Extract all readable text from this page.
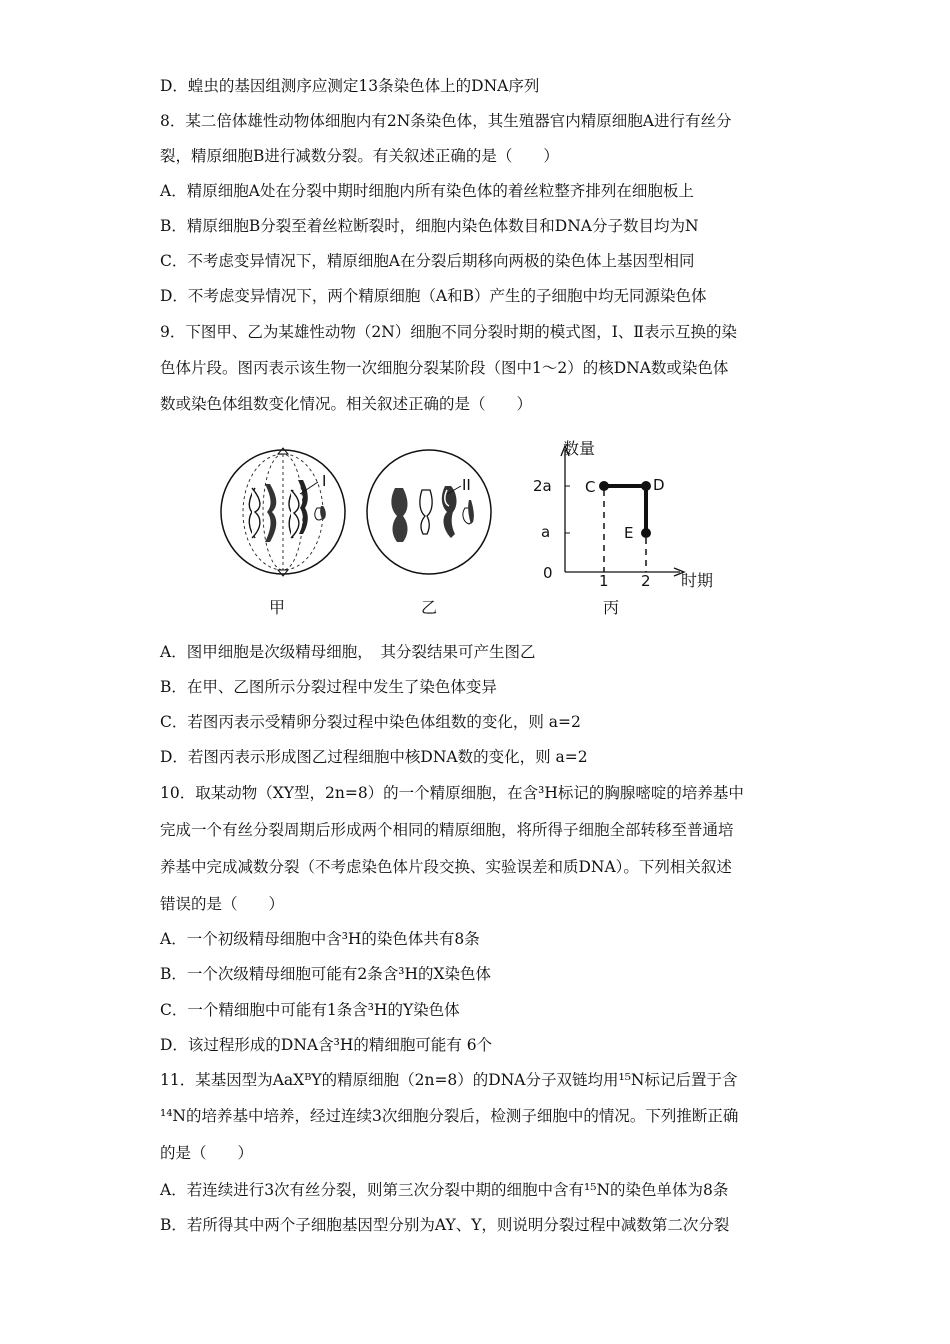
D．蝗虫的基因组测序应测定13条染色体上的DNA序列
8．某二倍体雄性动物体细胞内有2N条染色体，其生殖器官内精原细胞A进行有丝分
裂，精原细胞B进行减数分裂。有关叙述正确的是（　　）
A．精原细胞A处在分裂中期时细胞内所有染色体的着丝粒整齐排列在细胞板上
B．精原细胞B分裂至着丝粒断裂时，细胞内染色体数目和DNA分子数目均为N
C．不考虑变异情况下，精原细胞A在分裂后期移向两极的染色体上基因型相同
D．不考虑变异情况下，两个精原细胞（A和B）产生的子细胞中均无同源染色体
9．下图甲、乙为某雄性动物（2N）细胞不同分裂时期的模式图，Ⅰ、Ⅱ表示互换的染
色体片段。图丙表示该生物一次细胞分裂某阶段（图中1～2）的核DNA数或染色体
数或染色体组数变化情况。相关叙述正确的是（　　）
I	II
数量
时期
2a
a
0	1 2
C	D
E
甲	乙	丙
A．图甲细胞是次级精母细胞，　其分裂结果可产生图乙
B．在甲、乙图所示分裂过程中发生了染色体变异
C．若图丙表示受精卵分裂过程中染色体组数的变化，则 a=2
D．若图丙表示形成图乙过程细胞中核DNA数的变化，则 a=2
10．取某动物（XY型，2n=8）的一个精原细胞，在含³H标记的胸腺嘧啶的培养基中
完成一个有丝分裂周期后形成两个相同的精原细胞，将所得子细胞全部转移至普通培
养基中完成减数分裂（不考虑染色体片段交换、实验误差和质DNA）。下列相关叙述
错误的是（　　）
A．一个初级精母细胞中含³H的染色体共有8条
B．一个次级精母细胞可能有2条含³H的X染色体
C．一个精细胞中可能有1条含³H的Y染色体
D．该过程形成的DNA含³H的精细胞可能有 6个
11．某基因型为AaXᴮY的精原细胞（2n=8）的DNA分子双链均用¹⁵N标记后置于含
¹⁴N的培养基中培养，经过连续3次细胞分裂后，检测子细胞中的情况。下列推断正确
的是（　　）
A．若连续进行3次有丝分裂，则第三次分裂中期的细胞中含有¹⁵N的染色单体为8条
B．若所得其中两个子细胞基因型分别为AY、Y，则说明分裂过程中减数第二次分裂
